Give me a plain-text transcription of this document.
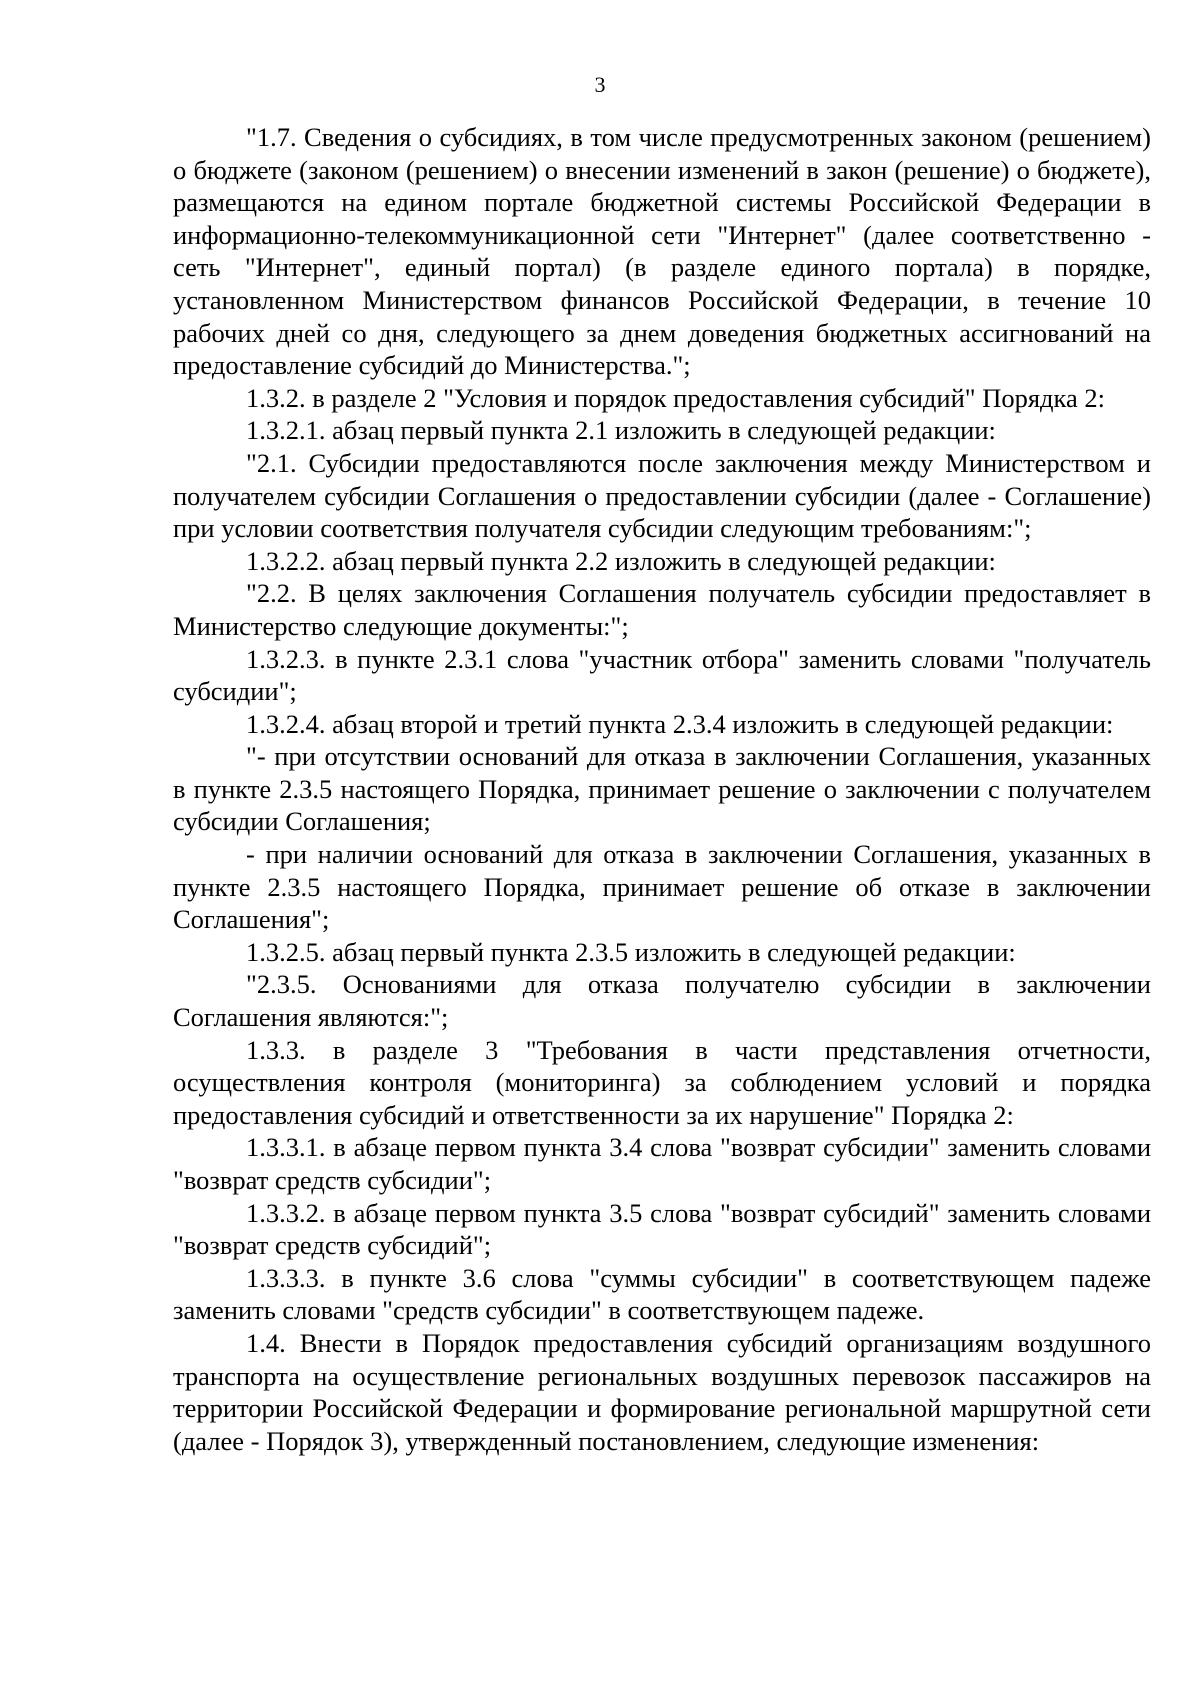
3

"1.7. Сведения о субсидиях, в том числе предусмотренных законом (решением) о бюджете (законом (решением) о внесении изменений в закон (решение) о бюджете), размещаются на едином портале бюджетной системы Российской Федерации в информационно-телекоммуникационной сети "Интернет" (далее соответственно - сеть "Интернет", единый портал) (в разделе единого портала) в порядке, установленном Министерством финансов Российской Федерации, в течение 10 рабочих дней со дня, следующего за днем доведения бюджетных ассигнований на предоставление субсидий до Министерства.";

1.3.2. в разделе 2 "Условия и порядок предоставления субсидий" Порядка 2:

1.3.2.1. абзац первый пункта 2.1 изложить в следующей редакции:

"2.1. Субсидии предоставляются после заключения между Министерством и получателем субсидии Соглашения о предоставлении субсидии (далее - Соглашение) при условии соответствия получателя субсидии следующим требованиям:";

1.3.2.2. абзац первый пункта 2.2 изложить в следующей редакции:

"2.2. В целях заключения Соглашения получатель субсидии предоставляет в Министерство следующие документы:";

1.3.2.3. в пункте 2.3.1 слова "участник отбора" заменить словами "получатель субсидии";

1.3.2.4. абзац второй и третий пункта 2.3.4 изложить в следующей редакции:

"- при отсутствии оснований для отказа в заключении Соглашения, указанных в пункте 2.3.5 настоящего Порядка, принимает решение о заключении с получателем субсидии Соглашения;

- при наличии оснований для отказа в заключении Соглашения, указанных в пункте 2.3.5 настоящего Порядка, принимает решение об отказе в заключении Соглашения";

1.3.2.5. абзац первый пункта 2.3.5 изложить в следующей редакции:

"2.3.5. Основаниями для отказа получателю субсидии в заключении Соглашения являются:";

1.3.3. в разделе 3 "Требования в части представления отчетности, осуществления контроля (мониторинга) за соблюдением условий и порядка предоставления субсидий и ответственности за их нарушение" Порядка 2:

1.3.3.1. в абзаце первом пункта 3.4 слова "возврат субсидии" заменить словами "возврат средств субсидии";

1.3.3.2. в абзаце первом пункта 3.5 слова "возврат субсидий" заменить словами "возврат средств субсидий";

1.3.3.3. в пункте 3.6 слова "суммы субсидии" в соответствующем падеже заменить словами "средств субсидии" в соответствующем падеже.

1.4. Внести в Порядок предоставления субсидий организациям воздушного транспорта на осуществление региональных воздушных перевозок пассажиров на территории Российской Федерации и формирование региональной маршрутной сети (далее - Порядок 3), утвержденный постановлением, следующие изменения:
